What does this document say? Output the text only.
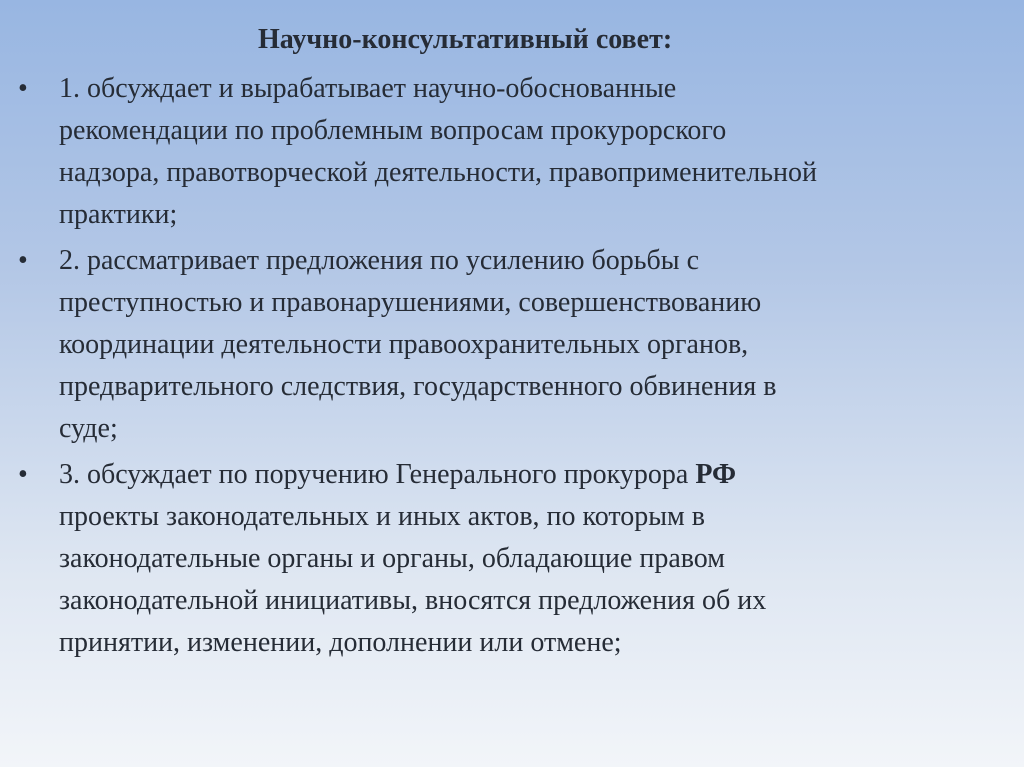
Научно-консультативный совет:
• 1. обсуждает и вырабатывает научно-обоснованные
рекомендации по проблемным вопросам прокурорского
надзора, правотворческой деятельности, правоприменительной
практики;

• 2. рассматривает предложения по усилению борьбы с
преступностью и правонарушениями, совершенствованию
координации деятельности правоохранительных органов,
предварительного следствия, государственного обвинения в
суде;

• 3. обсуждает по поручению Генерального прокурора РФ
проекты законодательных и иных актов, по которым в
законодательные органы и органы, обладающие правом
законодательной инициативы, вносятся предложения об их
принятии, изменении, дополнении или отмене;
